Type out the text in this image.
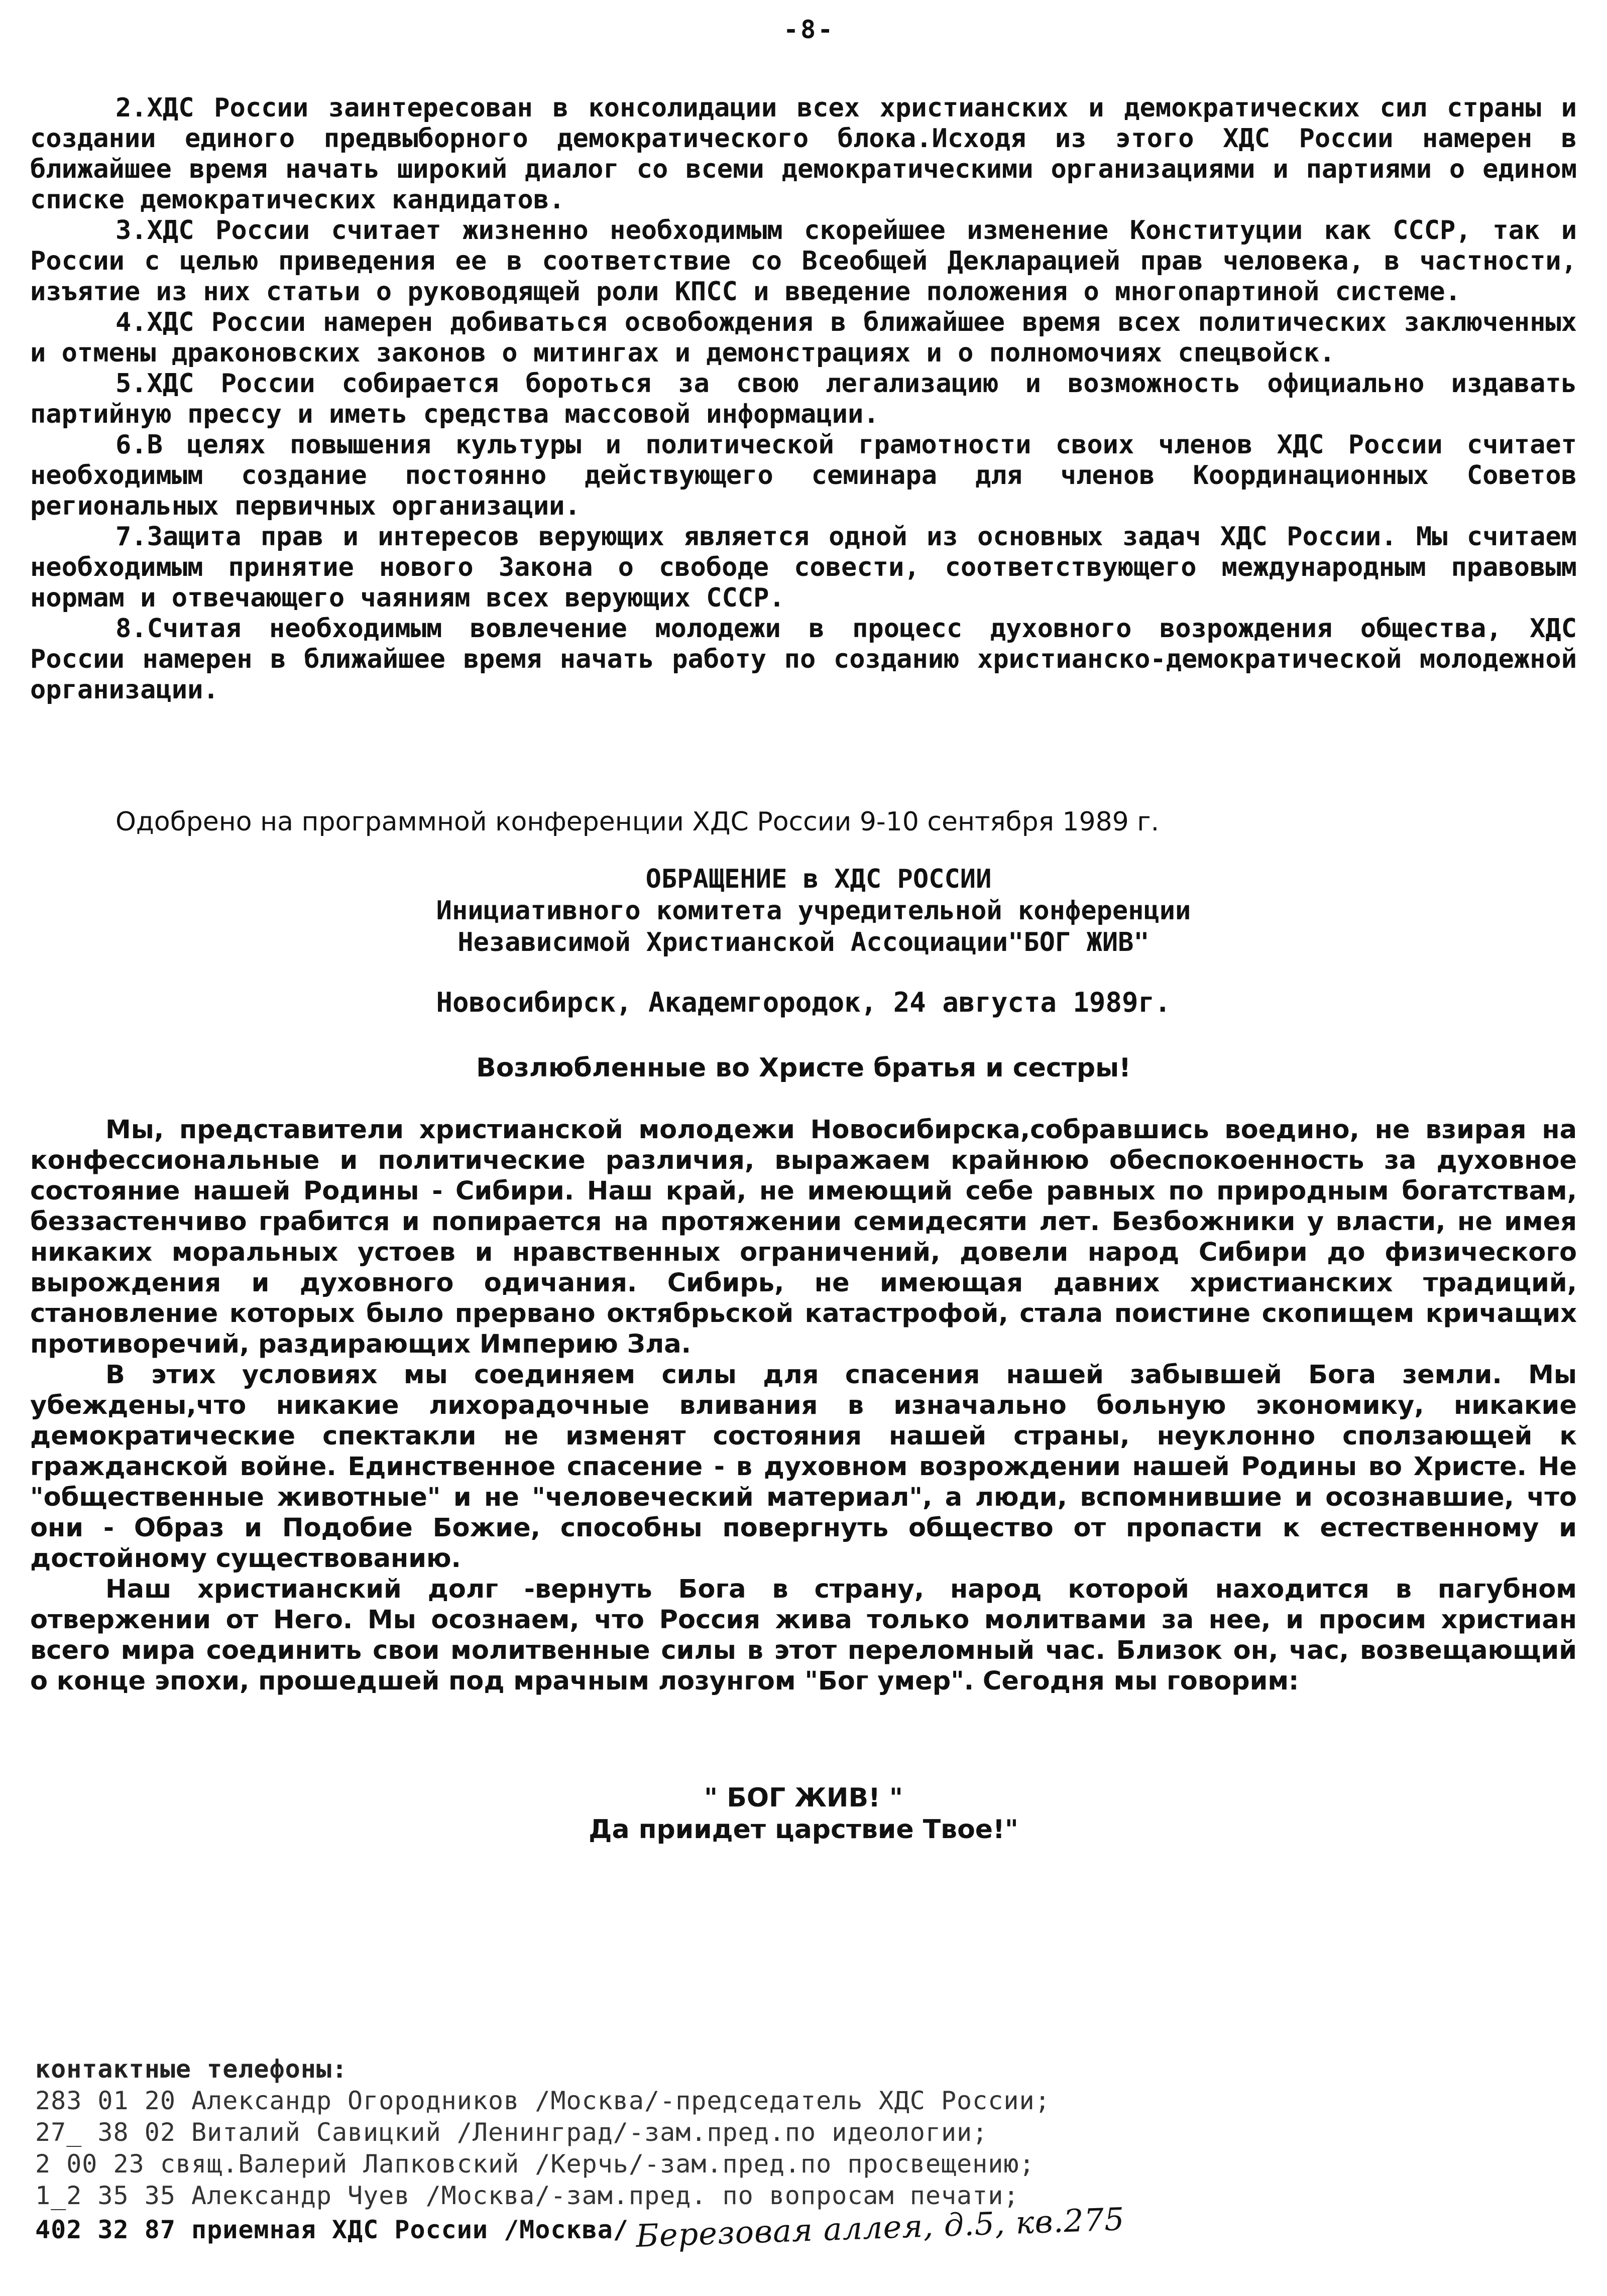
-8-

2.ХДС России заинтересован в консолидации всех христианских и демократических сил страны и создании единого предвыборного демократического блока.Исходя из этого ХДС России намерен в ближайшее время начать широкий диалог со всеми демократическими организациями и партиями о едином списке демократических кандидатов.

3.ХДС России считает жизненно необходимым скорейшее изменение Конституции как СССР, так и России с целью приведения ее в соответствие со Всеобщей Декларацией прав человека, в частности, изъятие из них статьи о руководящей роли КПСС и введение положения о многопартиной системе.

4.ХДС России намерен добиваться освобождения в ближайшее время всех политических заключенных и отмены драконовских законов о митингах и демонстрациях и о полномочиях спецвойск.

5.ХДС России собирается бороться за свою легализацию и возможность официально издавать партийную прессу и иметь средства массовой информации.

6.В целях повышения культуры и политической грамотности своих членов ХДС России считает необходимым создание постоянно действующего семинара для членов Координационных Советов региональных первичных организации.

7.Защита прав и интересов верующих является одной из основных задач ХДС России. Мы считаем необходимым принятие нового Закона о свободе совести, соответствующего международным правовым нормам и отвечающего чаяниям всех верующих СССР.

8.Считая необходимым вовлечение молодежи в процесс духовного возрождения общества, ХДС России намерен в ближайшее время начать работу по созданию христианско-демократической молодежной организации.

Одобрено на программной конференции ХДС России 9-10 сентября 1989 г.
ОБРАЩЕНИЕ в ХДС РОССИИ
Инициативного комитета учредительной конференции
Независимой Христианской Ассоциации"БОГ ЖИВ"
Новосибирск, Академгородок, 24 августа 1989г.
Возлюбленные во Христе братья и сестры!

Мы, представители христианской молодежи Новосибирска,собравшись воедино, не взирая на конфессиональные и политические различия, выражаем крайнюю обеспокоенность за духовное состояние нашей Родины - Сибири. Наш край, не имеющий себе равных по природным богатствам, беззастенчиво грабится и попирается на протяжении семидесяти лет. Безбожники у власти, не имея никаких моральных устоев и нравственных ограничений, довели народ Сибири до физического вырождения и духовного одичания. Сибирь, не имеющая давних христианских традиций, становление которых было прервано октябрьской катастрофой, стала поистине скопищем кричащих противоречий, раздирающих Империю Зла.

В этих условиях мы соединяем силы для спасения нашей забывшей Бога земли. Мы убеждены,что никакие лихорадочные вливания в изначально больную экономику, никакие демократические спектакли не изменят состояния нашей страны, неуклонно сползающей к гражданской войне. Единственное спасение - в духовном возрождении нашей Родины во Христе. Не "общественные животные" и не "человеческий материал", а люди, вспомнившие и осознавшие, что они - Образ и Подобие Божие, способны повергнуть общество от пропасти к естественному и достойному существованию.

Наш христианский долг -вернуть Бога в страну, народ которой находится в пагубном отвержении от Него. Мы осознаем, что Россия жива только молитвами за нее, и просим христиан всего мира соединить свои молитвенные силы в этот переломный час. Близок он, час, возвещающий о конце эпохи, прошедшей под мрачным лозунгом "Бог умер". Сегодня мы говорим:

" БОГ ЖИВ! "
Да приидет царствие Твое!"
контактные телефоны:
283 01 20 Александр Огородников /Москва/-председатель ХДС России;
27_ 38 02 Виталий Савицкий /Ленинград/-зам.пред.по идеологии;
2 00 23 свящ.Валерий Лапковский /Керчь/-зам.пред.по просвещению;
1_2 35 35 Александр Чуев /Москва/-зам.пред. по вопросам печати;
402 32 87 приемная ХДС России /Москва/ Березовая аллея, д.5, кв.275
